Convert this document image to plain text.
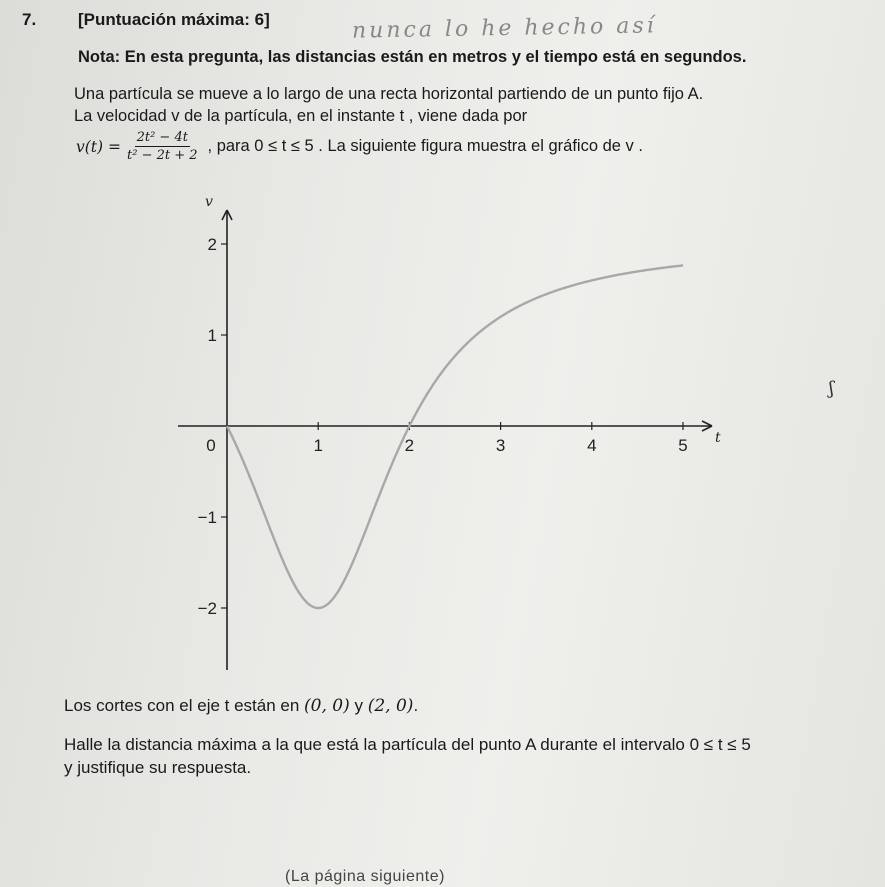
7. [Puntuación máxima: 6]	nunca lo he hecho así
Nota: En esta pregunta, las distancias están en metros y el tiempo está en segundos.
Una partícula se mueve a lo largo de una recta horizontal partiendo de un punto fijo A.
La velocidad v de la partícula, en el instante t , viene dada por
$v(t) = \frac{\text{2t² − 4t}}{\text{t² − 2t + 2}}$ , para 0 ≤ t ≤ 5 . La siguiente figura muestra el gráfico de v .
v
t
0	1	2	3	4	5
2
1
−1
−2
ʃ
Los cortes con el eje t están en (0, 0) y (2, 0).
Halle la distancia máxima a la que está la partícula del punto A durante el intervalo 0 ≤ t ≤ 5
y justifique su respuesta.
(La página siguiente)
